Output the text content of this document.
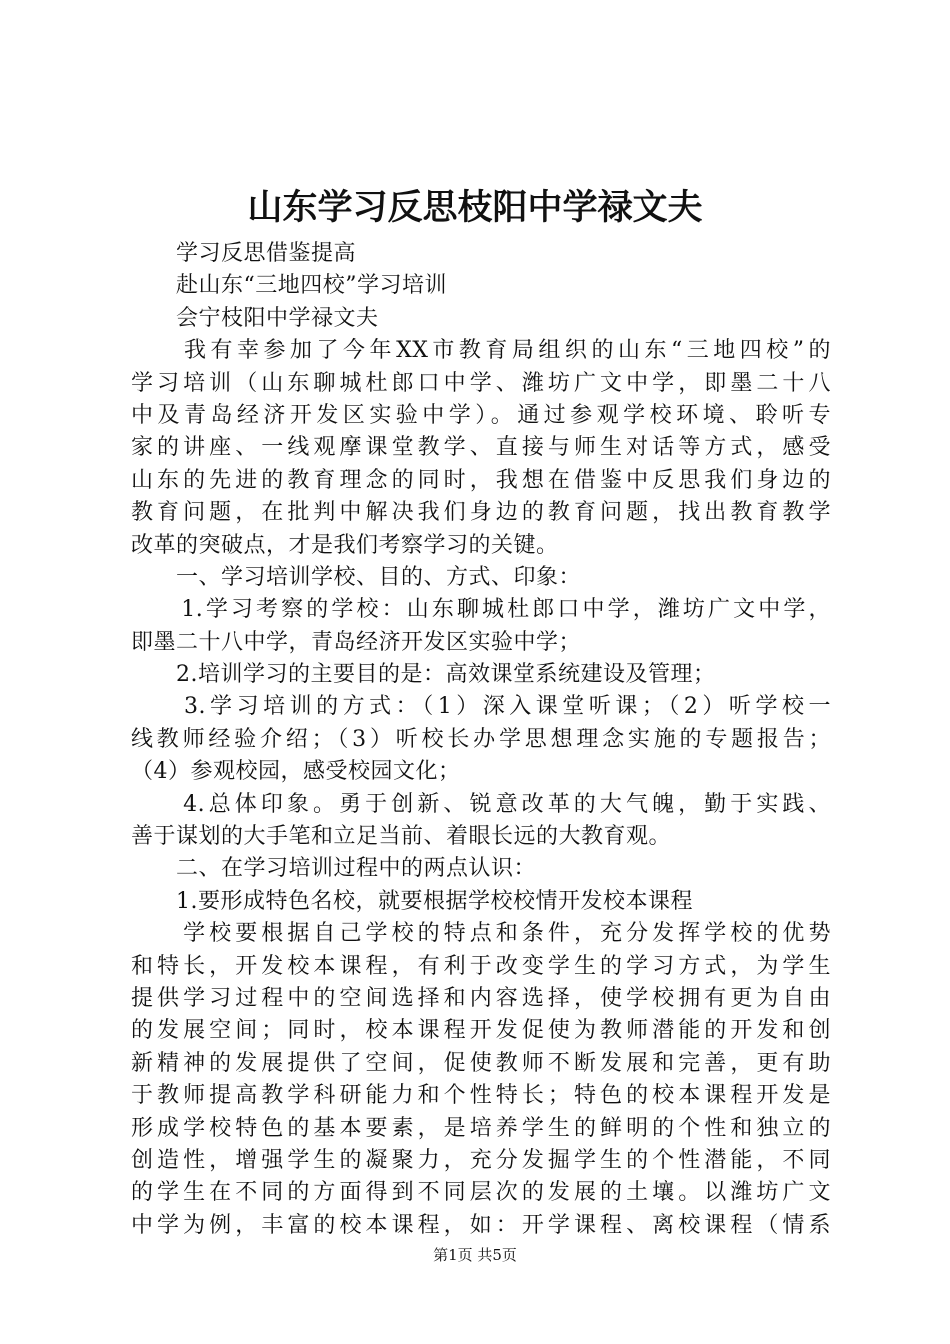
山东学习反思枝阳中学禄文夫
　　学习反思借鉴提高
　　赴山东“三地四校”学习培训
　　会宁枝阳中学禄文夫
　　我有幸参加了今年XX市教育局组织的山东“三地四校”的
学习培训（山东聊城杜郎口中学、潍坊广文中学，即墨二十八
中及青岛经济开发区实验中学）。通过参观学校环境、聆听专
家的讲座、一线观摩课堂教学、直接与师生对话等方式，感受
山东的先进的教育理念的同时，我想在借鉴中反思我们身边的
教育问题，在批判中解决我们身边的教育问题，找出教育教学
改革的突破点，才是我们考察学习的关键。
　　一、学习培训学校、目的、方式、印象：
　　1.学习考察的学校：山东聊城杜郎口中学，潍坊广文中学，
即墨二十八中学，青岛经济开发区实验中学；
　　2.培训学习的主要目的是：高效课堂系统建设及管理；
　　3.学习培训的方式：（1）深入课堂听课；（2）听学校一
线教师经验介绍；（3）听校长办学思想理念实施的专题报告；
（4）参观校园，感受校园文化；
　　4.总体印象。勇于创新、锐意改革的大气魄，勤于实践、
善于谋划的大手笔和立足当前、着眼长远的大教育观。
　　二、在学习培训过程中的两点认识：
　　1.要形成特色名校，就要根据学校校情开发校本课程
　　学校要根据自己学校的特点和条件，充分发挥学校的优势
和特长，开发校本课程，有利于改变学生的学习方式，为学生
提供学习过程中的空间选择和内容选择，使学校拥有更为自由
的发展空间；同时，校本课程开发促使为教师潜能的开发和创
新精神的发展提供了空间，促使教师不断发展和完善，更有助
于教师提高教学科研能力和个性特长；特色的校本课程开发是
形成学校特色的基本要素，是培养学生的鲜明的个性和独立的
创造性，增强学生的凝聚力，充分发掘学生的个性潜能，不同
的学生在不同的方面得到不同层次的发展的土壤。以潍坊广文
中学为例，丰富的校本课程，如：开学课程、离校课程（情系
第1页 共5页
